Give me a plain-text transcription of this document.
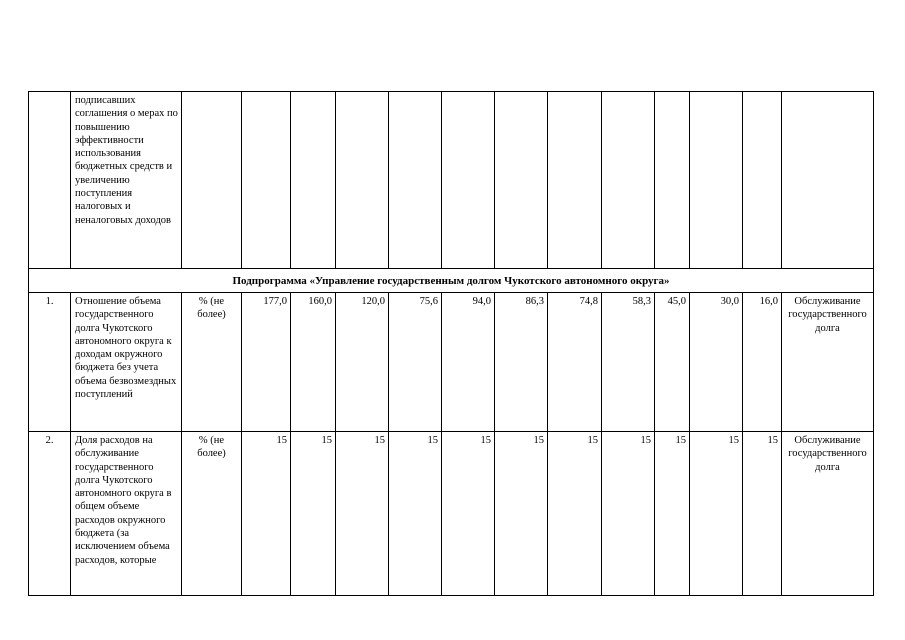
	подписавших соглашения о мерах по повышению эффективности использования бюджетных средств и увеличению поступления налоговых и неналоговых доходов													
Подпрограмма «Управление государственным долгом Чукотского автономного округа»														
1.	Отношение объема государственного долга Чукотского автономного округа к доходам окружного бюджета без учета объема безвозмездных поступлений	% (не более)	177,0	160,0	120,0	75,6	94,0	86,3	74,8	58,3	45,0	30,0	16,0	Обслуживание государственного долга
2.	Доля расходов на обслуживание государственного долга Чукотского автономного округа в общем объеме расходов окружного бюджета (за исключением объема расходов, которые	% (не более)	15	15	15	15	15	15	15	15	15	15	15	Обслуживание государственного долга
